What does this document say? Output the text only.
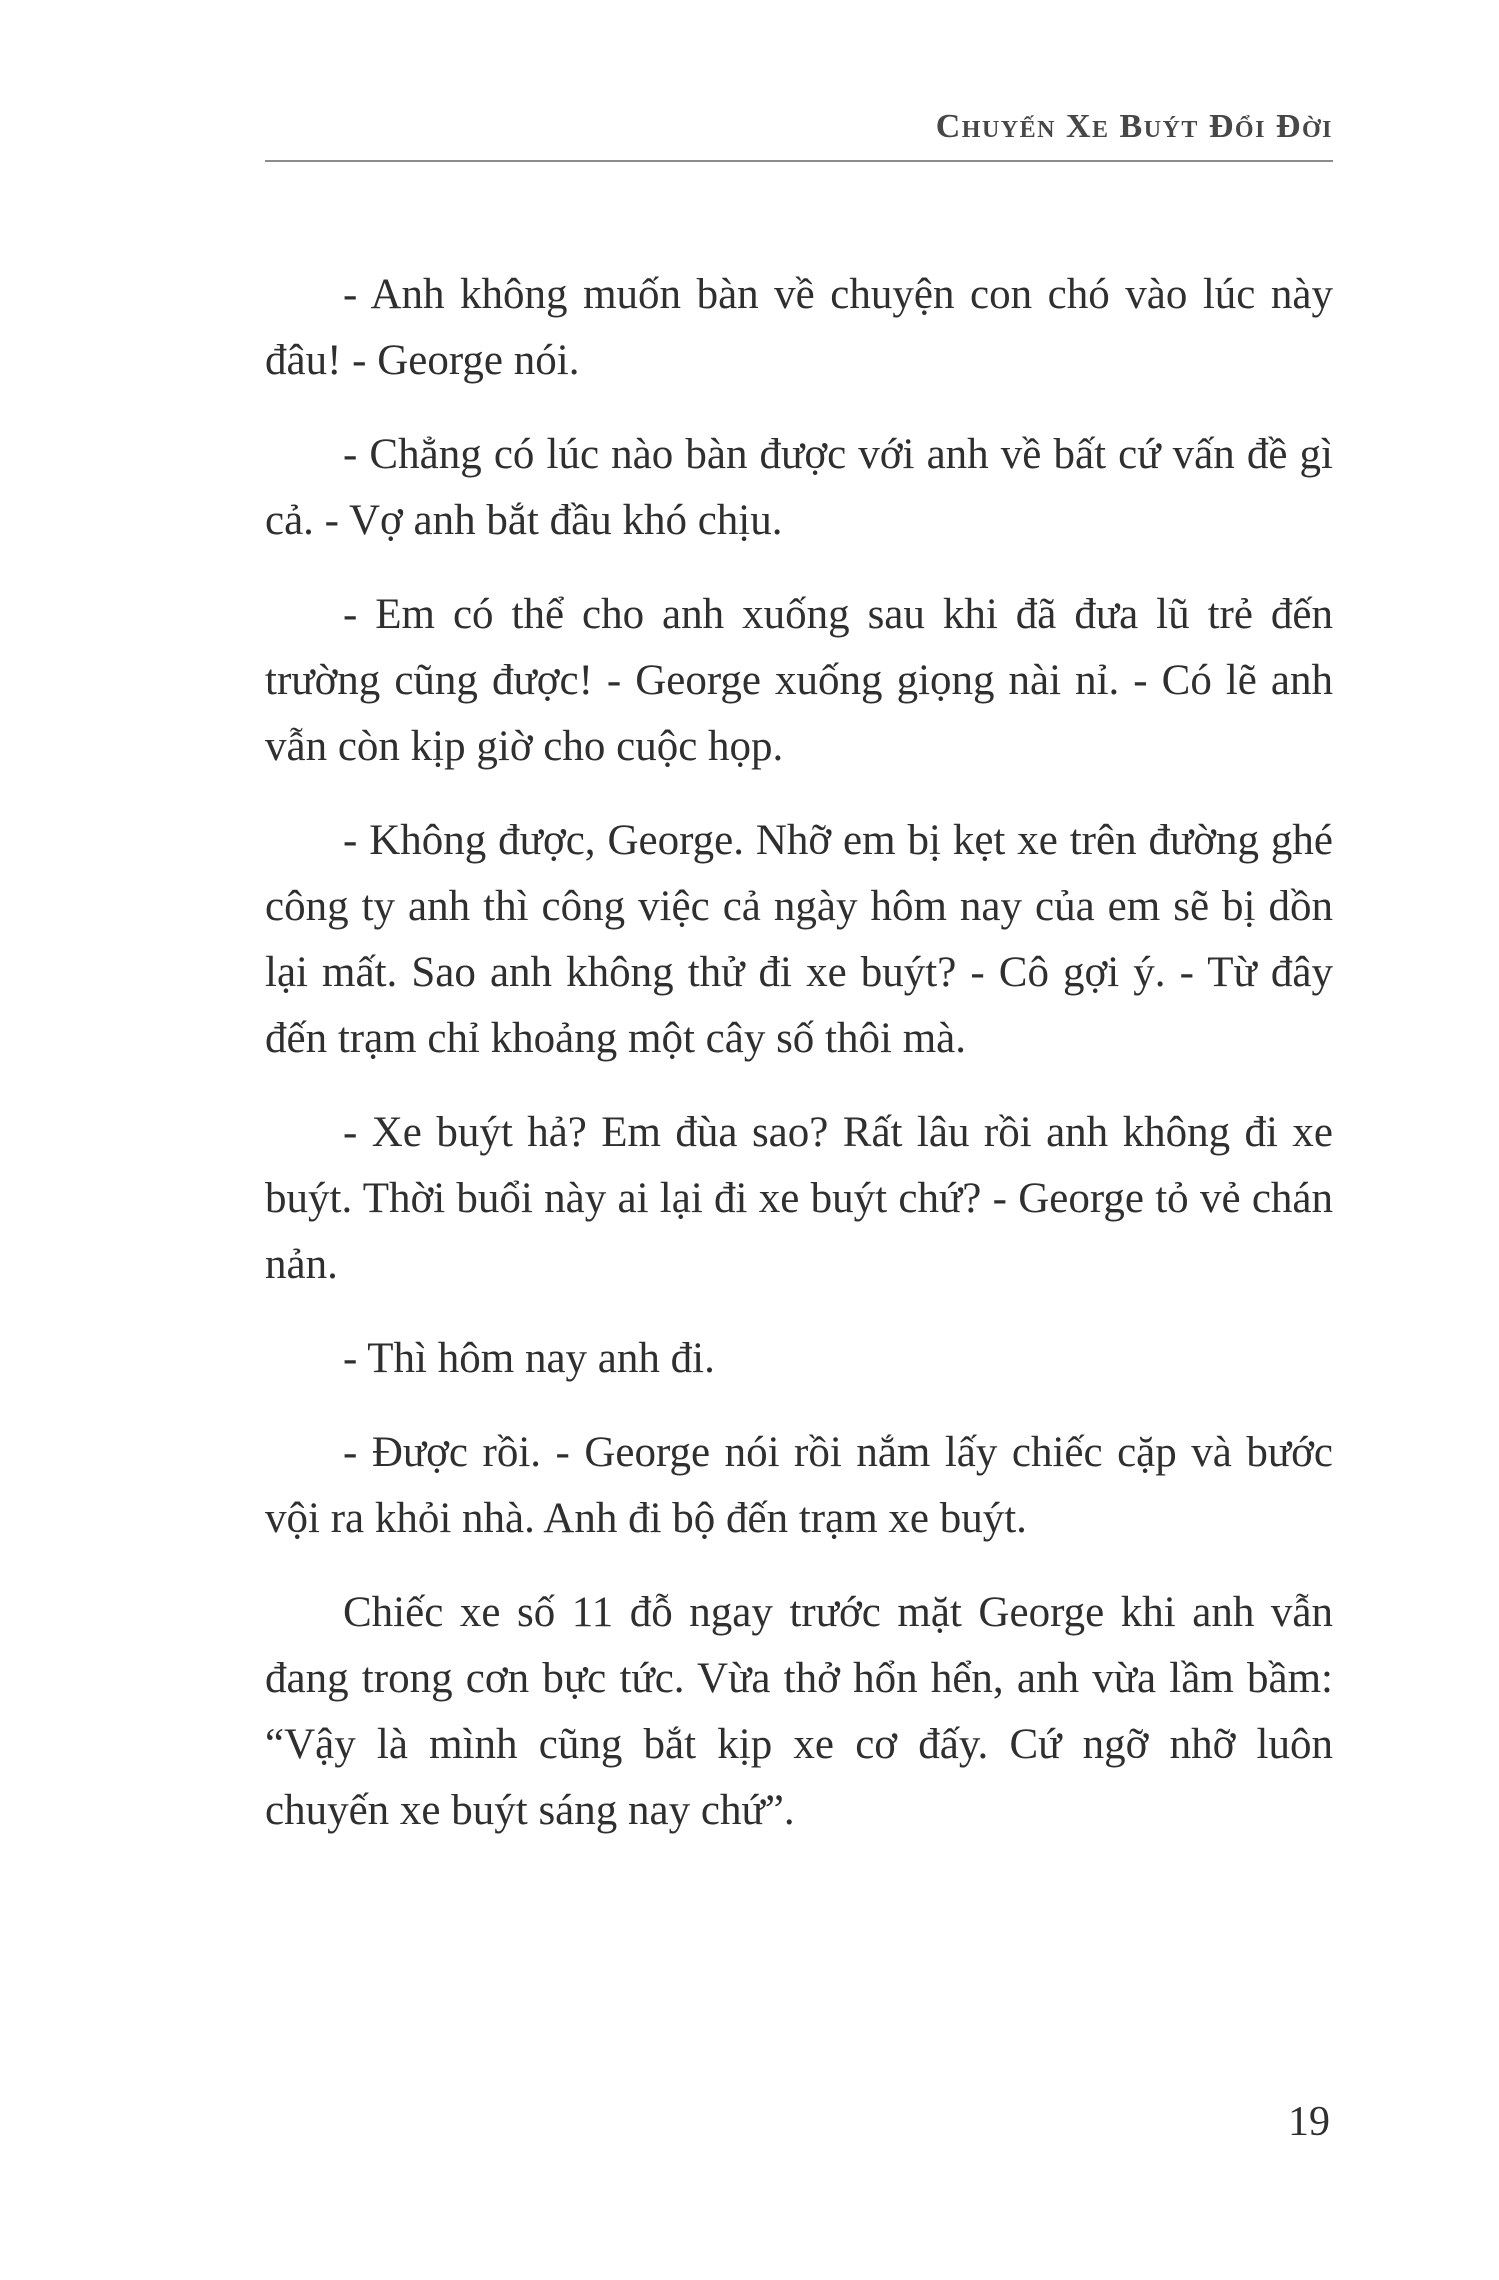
Chuyến Xe Buýt Đổi Đời

- Anh không muốn bàn về chuyện con chó vào lúc này đâu! - George nói.

- Chẳng có lúc nào bàn được với anh về bất cứ vấn đề gì cả. - Vợ anh bắt đầu khó chịu.

- Em có thể cho anh xuống sau khi đã đưa lũ trẻ đến trường cũng được! - George xuống giọng nài nỉ. - Có lẽ anh vẫn còn kịp giờ cho cuộc họp.

- Không được, George. Nhỡ em bị kẹt xe trên đường ghé công ty anh thì công việc cả ngày hôm nay của em sẽ bị dồn lại mất. Sao anh không thử đi xe buýt? - Cô gợi ý. - Từ đây đến trạm chỉ khoảng một cây số thôi mà.

- Xe buýt hả? Em đùa sao? Rất lâu rồi anh không đi xe buýt. Thời buổi này ai lại đi xe buýt chứ? - George tỏ vẻ chán nản.

- Thì hôm nay anh đi.

- Được rồi. - George nói rồi nắm lấy chiếc cặp và bước vội ra khỏi nhà. Anh đi bộ đến trạm xe buýt.

Chiếc xe số 11 đỗ ngay trước mặt George khi anh vẫn đang trong cơn bực tức. Vừa thở hổn hển, anh vừa lầm bầm: “Vậy là mình cũng bắt kịp xe cơ đấy. Cứ ngỡ nhỡ luôn chuyến xe buýt sáng nay chứ”.

19
